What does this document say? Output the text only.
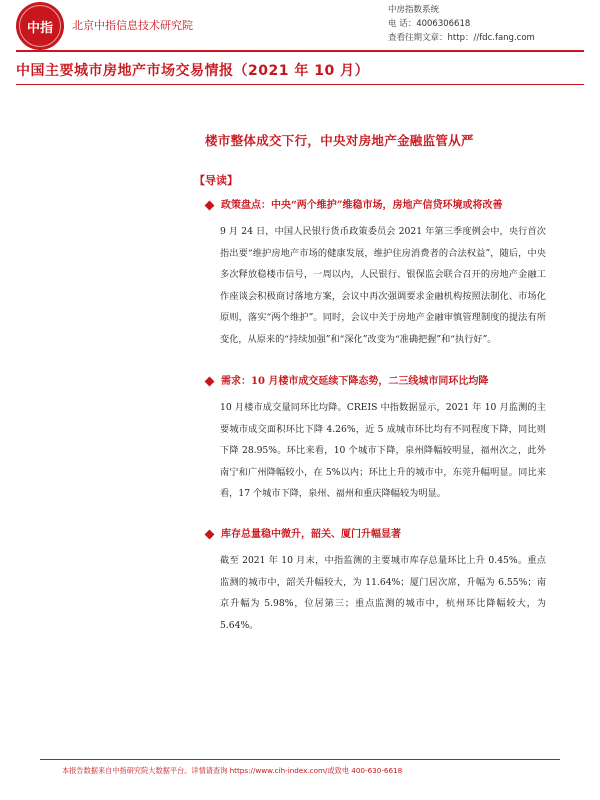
中指 北京中指信息技术研究院
中房指数系统
电 话：4006306618
查看往期文章：http：//fdc.fang.com
中国主要城市房地产市场交易情报（2021 年 10 月）
楼市整体成交下行，中央对房地产金融监管从严
【导读】
政策盘点：中央“两个维护”维稳市场，房地产信贷环境或将改善
9 月 24 日，中国人民银行货币政策委员会 2021 年第三季度例会中，央行首次指出要“维护房地产市场的健康发展，维护住房消费者的合法权益”，随后，中央多次释放稳楼市信号，一周以内，人民银行、银保监会联合召开的房地产金融工作座谈会积极商讨落地方案，会议中再次强调要求金融机构按照法制化、市场化原则，落实“两个维护”。同时，会议中关于房地产金融审慎管理制度的提法有所变化，从原来的“持续加强”和“深化”改变为“准确把握”和“执行好”。
需求：10 月楼市成交延续下降态势，二三线城市同环比均降
10 月楼市成交量同环比均降。CREIS 中指数据显示，2021 年 10 月监测的主要城市成交面积环比下降 4.26%，近 5 成城市环比均有不同程度下降，同比则下降 28.95%。环比来看，10 个城市下降，泉州降幅较明显，福州次之，此外南宁和广州降幅较小，在 5%以内；环比上升的城市中，东莞升幅明显。同比来看，17 个城市下降，泉州、福州和重庆降幅较为明显。
库存总量稳中微升，韶关、厦门升幅显著
截至 2021 年 10 月末，中指监测的主要城市库存总量环比上升 0.45%。重点监测的城市中，韶关升幅较大，为 11.64%；厦门居次席，升幅为 6.55%；南京升幅为 5.98%，位居第三；重点监测的城市中，杭州环比降幅较大，为 5.64%。
本报告数据来自中指研究院大数据平台。详情请查询 https://www.cih-index.com/或致电 400-630-6618
